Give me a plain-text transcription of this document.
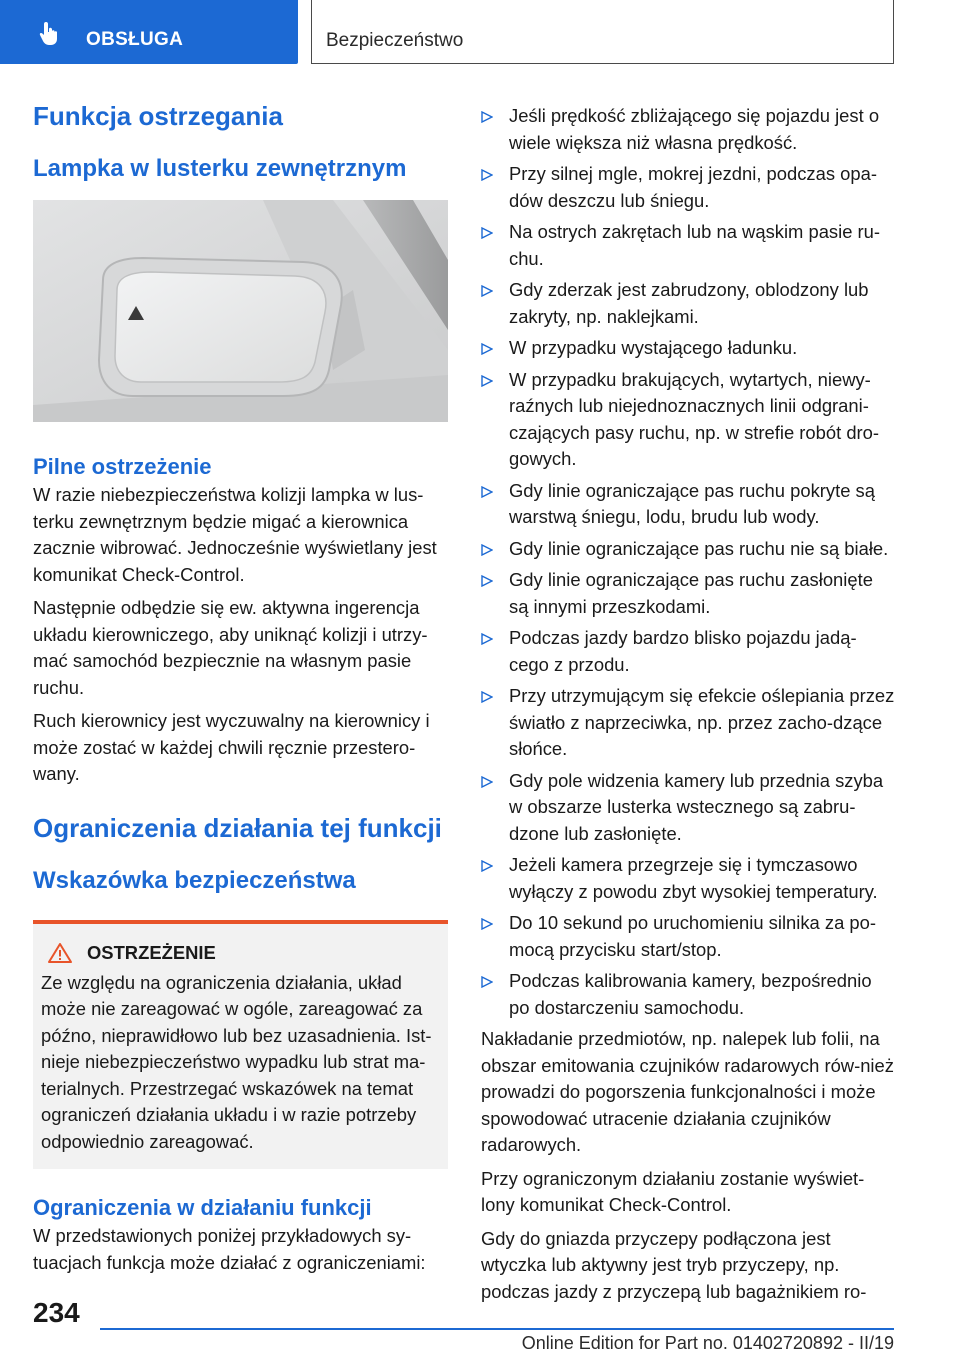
OBSŁUGA	Bezpieczeństwo
Funkcja ostrzegania
Lampka w lusterku zewnętrznym
Pilne ostrzeżenie

W razie niebezpieczeństwa kolizji lampka w lus-terku zewnętrznym będzie migać a kierownica zacznie wibrować. Jednocześnie wyświetlany jest komunikat Check-Control.

Następnie odbędzie się ew. aktywna ingerencja układu kierowniczego, aby uniknąć kolizji i utrzy-mać samochód bezpiecznie na własnym pasie ruchu.

Ruch kierownicy jest wyczuwalny na kierownicy i może zostać w każdej chwili ręcznie przestero-wany.

Ograniczenia działania tej funkcji
Wskazówka bezpieczeństwa
OSTRZEŻENIE
Ze względu na ograniczenia działania, układ może nie zareagować w ogóle, zareagować za późno, nieprawidłowo lub bez uzasadnienia. Ist-nieje niebezpieczeństwo wypadku lub strat ma-terialnych. Przestrzegać wskazówek na temat ograniczeń działania układu i w razie potrzeby odpowiednio zareagować.
Ograniczenia w działaniu funkcji

W przedstawionych poniżej przykładowych sy-tuacjach funkcja może działać z ograniczeniami:

Jeśli prędkość zbliżającego się pojazdu jest o wiele większa niż własna prędkość.
Przy silnej mgle, mokrej jezdni, podczas opa-dów deszczu lub śniegu.
Na ostrych zakrętach lub na wąskim pasie ru-chu.
Gdy zderzak jest zabrudzony, oblodzony lub zakryty, np. naklejkami.
W przypadku wystającego ładunku.
W przypadku brakujących, wytartych, niewy-raźnych lub niejednoznacznych linii odgrani-czających pasy ruchu, np. w strefie robót dro-gowych.
Gdy linie ograniczające pas ruchu pokryte są warstwą śniegu, lodu, brudu lub wody.
Gdy linie ograniczające pas ruchu nie są białe.
Gdy linie ograniczające pas ruchu zasłonięte są innymi przeszkodami.
Podczas jazdy bardzo blisko pojazdu jadą-cego z przodu.
Przy utrzymującym się efekcie oślepiania przez światło z naprzeciwka, np. przez zacho-dzące słońce.
Gdy pole widzenia kamery lub przednia szyba w obszarze lusterka wstecznego są zabru-dzone lub zasłonięte.
Jeżeli kamera przegrzeje się i tymczasowo wyłączy z powodu zbyt wysokiej temperatury.
Do 10 sekund po uruchomieniu silnika za po-mocą przycisku start/stop.
Podczas kalibrowania kamery, bezpośrednio po dostarczeniu samochodu.

Nakładanie przedmiotów, np. nalepek lub folii, na obszar emitowania czujników radarowych rów-nież prowadzi do pogorszenia funkcjonalności i może spowodować utracenie działania czujników radarowych.

Przy ograniczonym działaniu zostanie wyświet-lony komunikat Check-Control.

Gdy do gniazda przyczepy podłączona jest wtyczka lub aktywny jest tryb przyczepy, np. podczas jazdy z przyczepą lub bagażnikiem ro-

234
Online Edition for Part no. 01402720892 - II/19
